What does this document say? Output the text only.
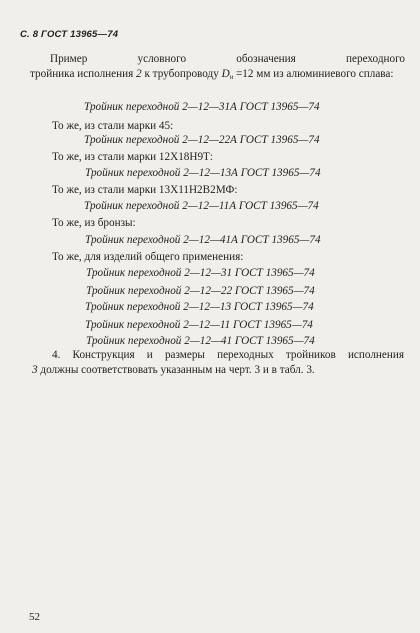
С. 8 ГОСТ 13965—74
Пример условного обозначения переходного
тройника исполнения 2 к трубопроводу $D_н =12$ мм из алюминиевого сплава:
Тройник переходной 2—12—31А ГОСТ 13965—74
То же, из стали марки 45:
Тройник переходной 2—12—22А ГОСТ 13965—74
То же, из стали марки 12Х18Н9Т:
Тройник переходной 2—12—13А ГОСТ 13965—74
То же, из стали марки 13Х11Н2В2МФ:
Тройник переходной 2—12—11А ГОСТ 13965—74
То же, из бронзы:
Тройник переходной 2—12—41А ГОСТ 13965—74
То же, для изделий общего применения:
Тройник переходной 2—12—31 ГОСТ 13965—74
Тройник переходной 2—12—22 ГОСТ 13965—74
Тройник переходной 2—12—13 ГОСТ 13965—74
Тройник переходной 2—12—11 ГОСТ 13965—74
Тройник переходной 2—12—41 ГОСТ 13965—74
4. Конструкция и размеры переходных тройников исполнения
3 должны соответствовать указанным на черт. 3 и в табл. 3.
52
